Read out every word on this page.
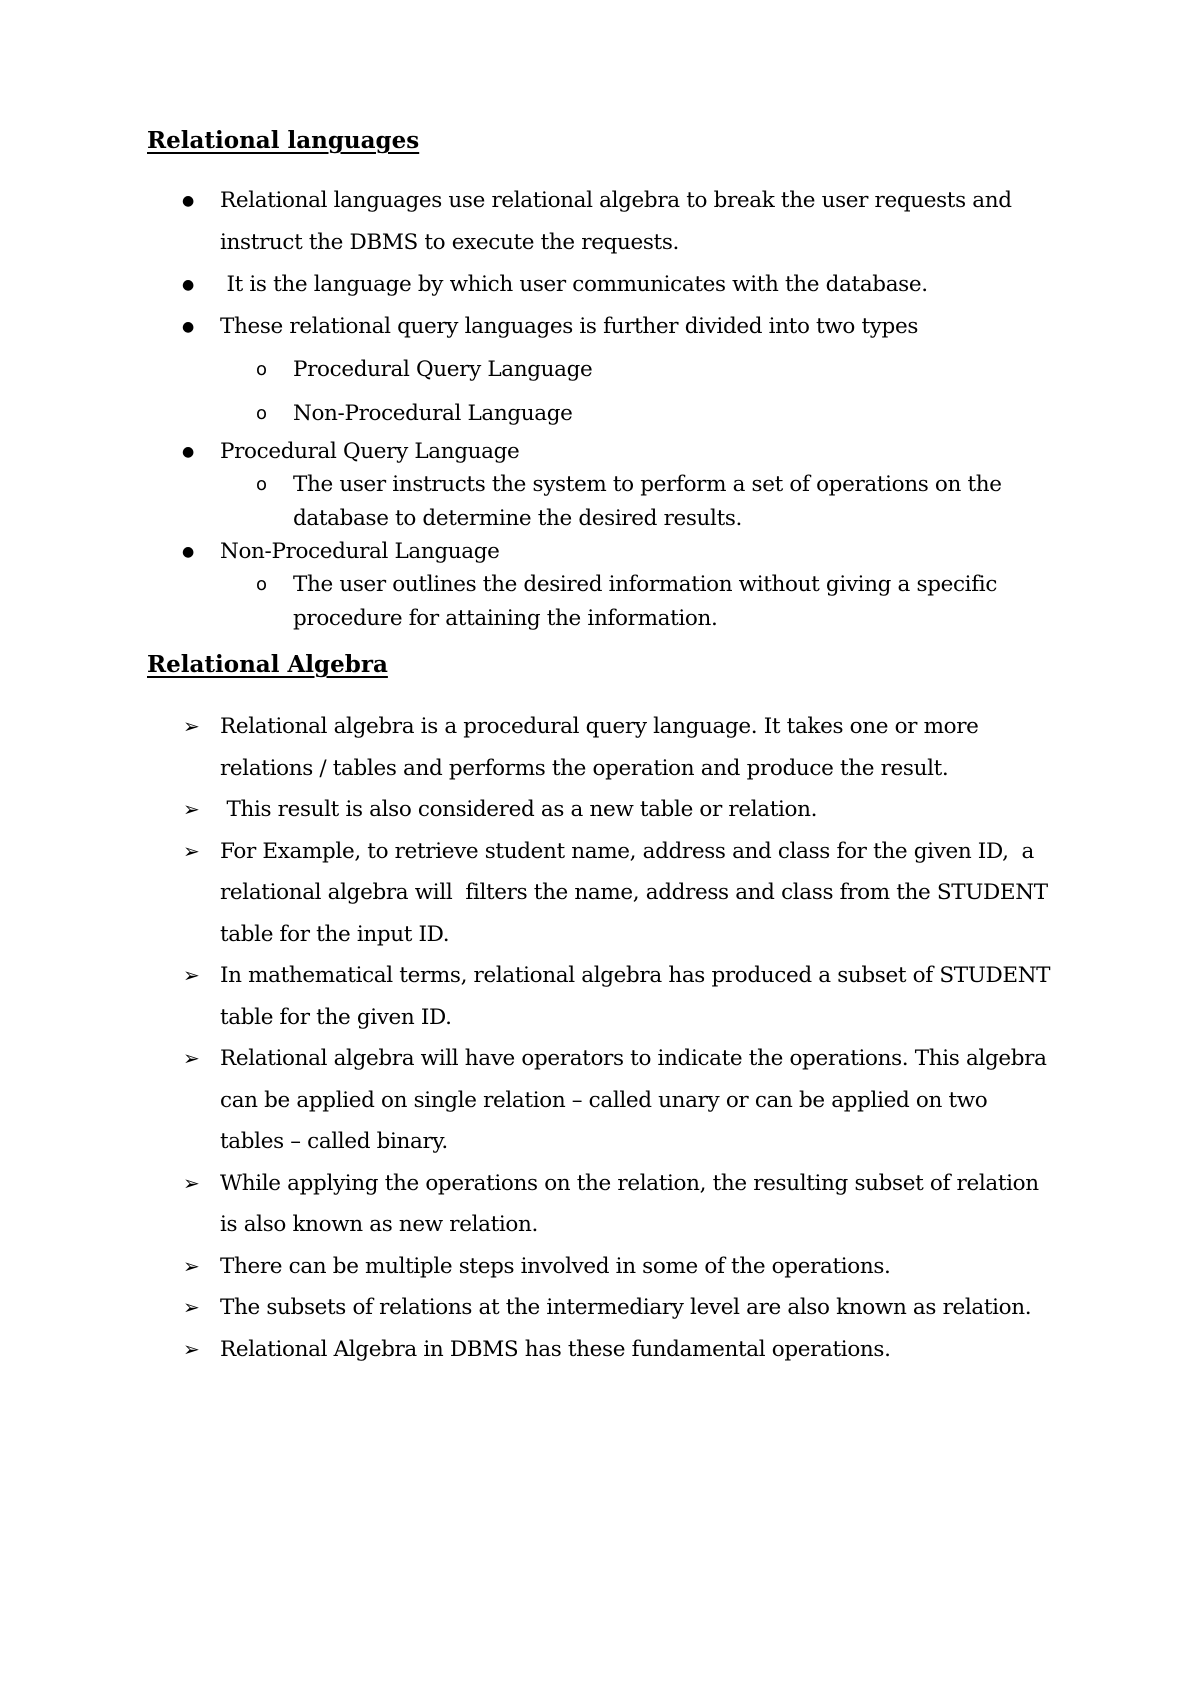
Relational languages
● Relational languages use relational algebra to break the user requests and
instruct the DBMS to execute the requests.
● It is the language by which user communicates with the database.
● These relational query languages is further divided into two types
o Procedural Query Language
o Non-Procedural Language
● Procedural Query Language
o The user instructs the system to perform a set of operations on the
database to determine the desired results.
● Non-Procedural Language
o The user outlines the desired information without giving a specific
procedure for attaining the information.
Relational Algebra
➢ Relational algebra is a procedural query language. It takes one or more
relations / tables and performs the operation and produce the result.
➢ This result is also considered as a new table or relation.
➢ For Example, to retrieve student name, address and class for the given ID,  a
relational algebra will  filters the name, address and class from the STUDENT
table for the input ID.
➢ In mathematical terms, relational algebra has produced a subset of STUDENT
table for the given ID.
➢ Relational algebra will have operators to indicate the operations. This algebra
can be applied on single relation – called unary or can be applied on two
tables – called binary.
➢ While applying the operations on the relation, the resulting subset of relation
is also known as new relation.
➢ There can be multiple steps involved in some of the operations.
➢ The subsets of relations at the intermediary level are also known as relation.
➢ Relational Algebra in DBMS has these fundamental operations.
